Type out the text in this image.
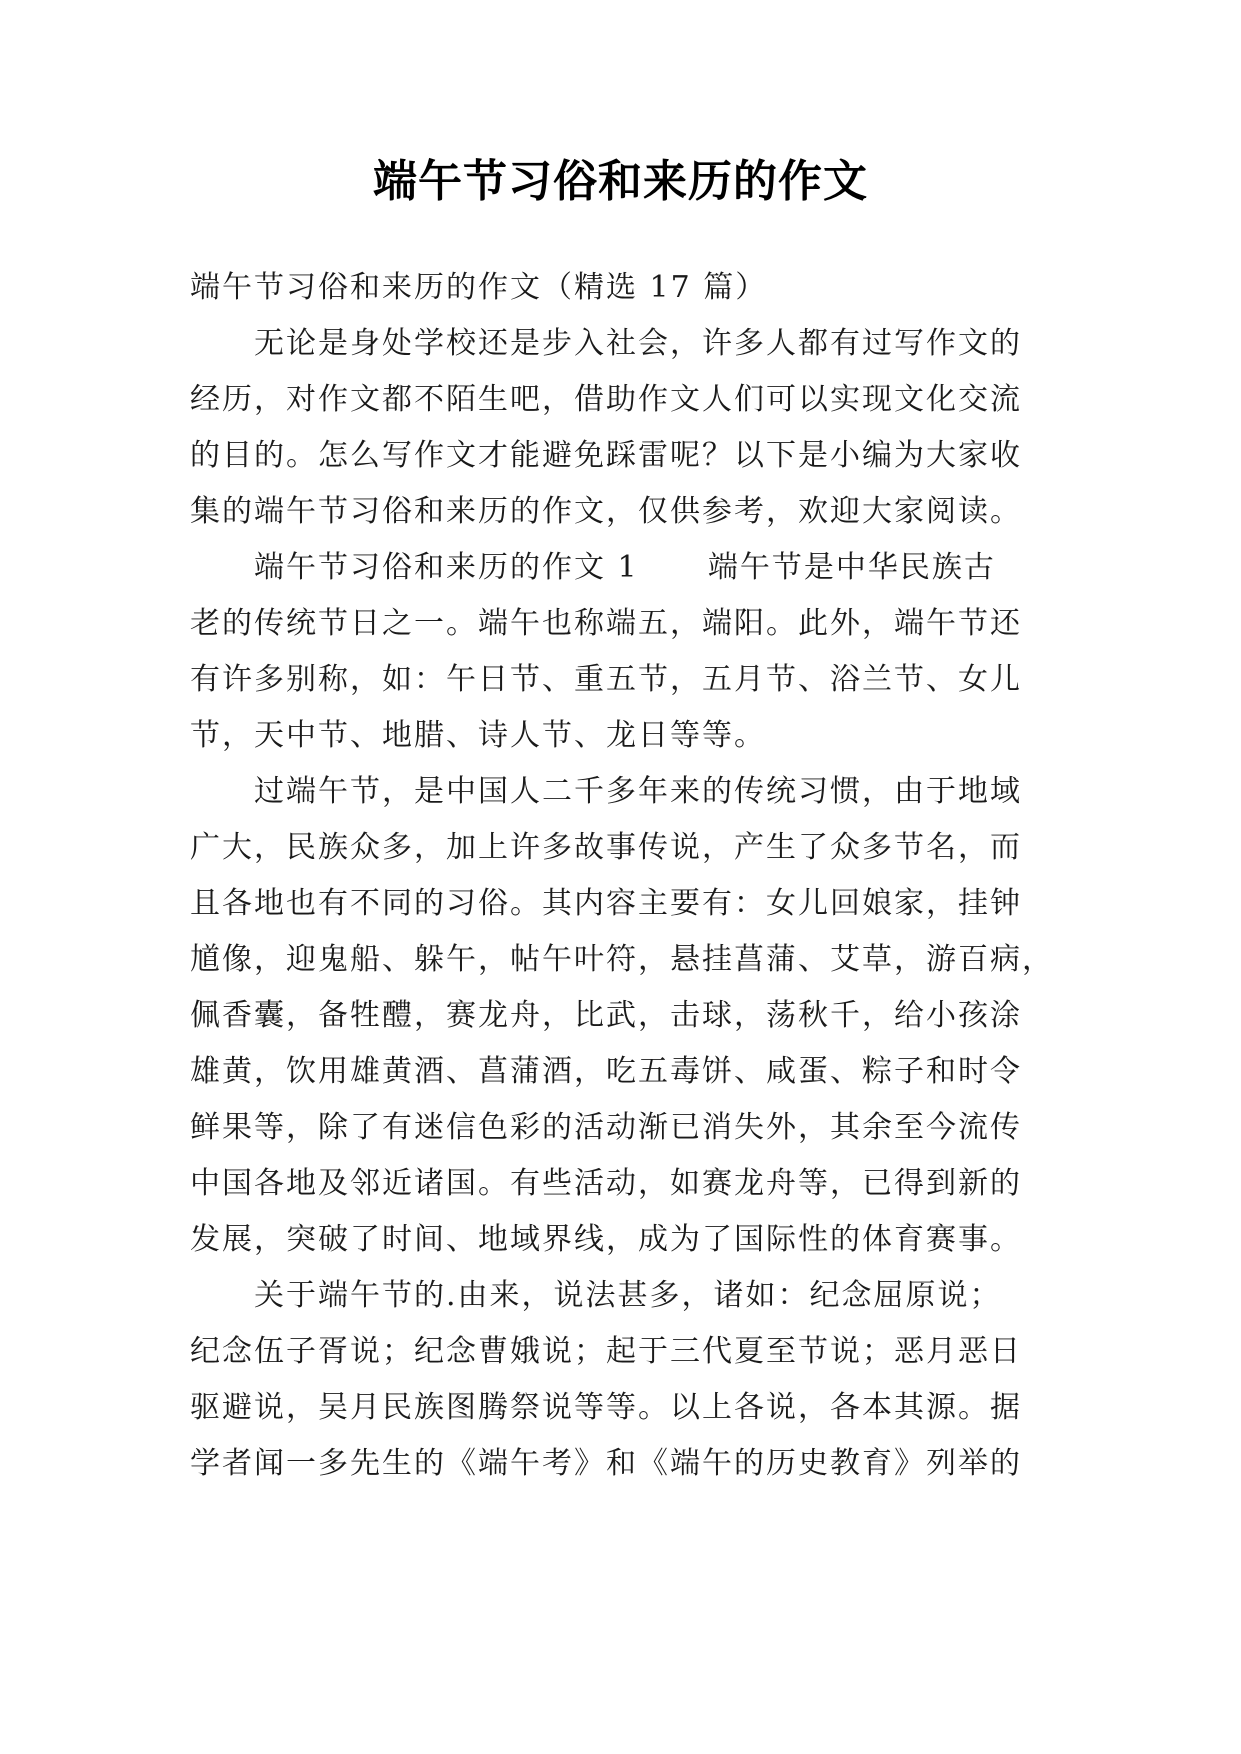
端午节习俗和来历的作文
端午节习俗和来历的作文（精选 17 篇）
无论是身处学校还是步入社会，许多人都有过写作文的
经历，对作文都不陌生吧，借助作文人们可以实现文化交流
的目的。怎么写作文才能避免踩雷呢？以下是小编为大家收
集的端午节习俗和来历的作文，仅供参考，欢迎大家阅读。
端午节习俗和来历的作文 1      端午节是中华民族古
老的传统节日之一。端午也称端五，端阳。此外，端午节还
有许多别称，如：午日节、重五节，五月节、浴兰节、女儿
节，天中节、地腊、诗人节、龙日等等。
过端午节，是中国人二千多年来的传统习惯，由于地域
广大，民族众多，加上许多故事传说，产生了众多节名，而
且各地也有不同的习俗。其内容主要有：女儿回娘家，挂钟
馗像，迎鬼船、躲午，帖午叶符，悬挂菖蒲、艾草，游百病，
佩香囊，备牲醴，赛龙舟，比武，击球，荡秋千，给小孩涂
雄黄，饮用雄黄酒、菖蒲酒，吃五毒饼、咸蛋、粽子和时令
鲜果等，除了有迷信色彩的活动渐已消失外，其余至今流传
中国各地及邻近诸国。有些活动，如赛龙舟等，已得到新的
发展，突破了时间、地域界线，成为了国际性的体育赛事。
关于端午节的.由来，说法甚多，诸如：纪念屈原说；
纪念伍子胥说；纪念曹娥说；起于三代夏至节说；恶月恶日
驱避说，吴月民族图腾祭说等等。以上各说，各本其源。据
学者闻一多先生的《端午考》和《端午的历史教育》列举的
